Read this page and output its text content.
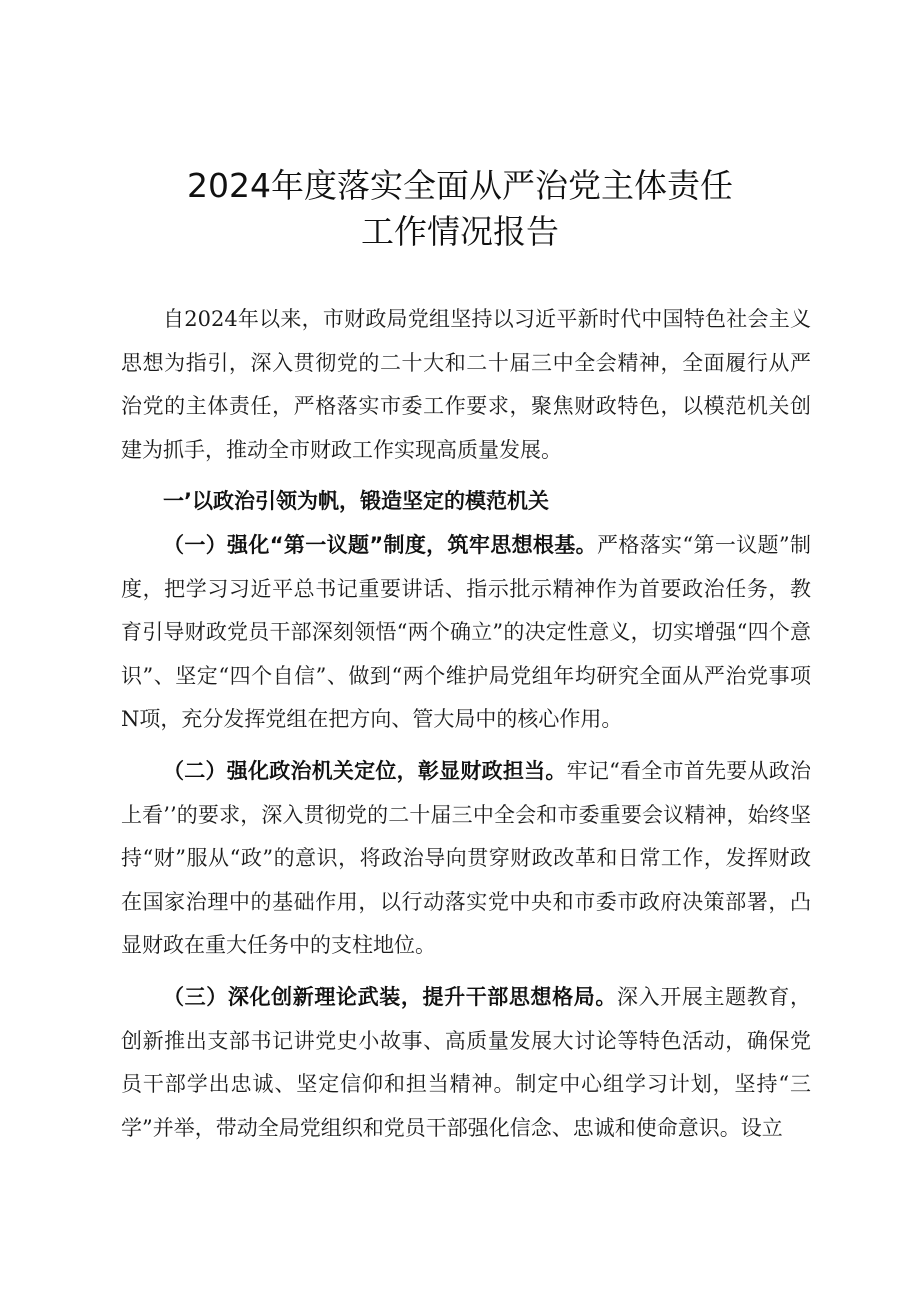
2024年度落实全面从严治党主体责任
工作情况报告

自2024年以来，市财政局党组坚持以习近平新时代中国特色社会主义思想为指引，深入贯彻党的二十大和二十届三中全会精神，全面履行从严治党的主体责任，严格落实市委工作要求，聚焦财政特色，以模范机关创建为抓手，推动全市财政工作实现高质量发展。

一’以政治引领为帆，锻造坚定的模范机关

（一）强化“第一议题”制度，筑牢思想根基。严格落实“第一议题”制度，把学习习近平总书记重要讲话、指示批示精神作为首要政治任务，教育引导财政党员干部深刻领悟“两个确立”的决定性意义，切实增强“四个意识”、坚定“四个自信”、做到“两个维护局党组年均研究全面从严治党事项N项，充分发挥党组在把方向、管大局中的核心作用。

（二）强化政治机关定位，彰显财政担当。牢记“看全市首先要从政治上看’’的要求，深入贯彻党的二十届三中全会和市委重要会议精神，始终坚持“财”服从“政”的意识，将政治导向贯穿财政改革和日常工作，发挥财政在国家治理中的基础作用，以行动落实党中央和市委市政府决策部署，凸显财政在重大任务中的支柱地位。

（三）深化创新理论武装，提升干部思想格局。深入开展主题教育，创新推出支部书记讲党史小故事、高质量发展大讨论等特色活动，确保党员干部学出忠诚、坚定信仰和担当精神。制定中心组学习计划，坚持“三学”并举，带动全局党组织和党员干部强化信念、忠诚和使命意识。设立
